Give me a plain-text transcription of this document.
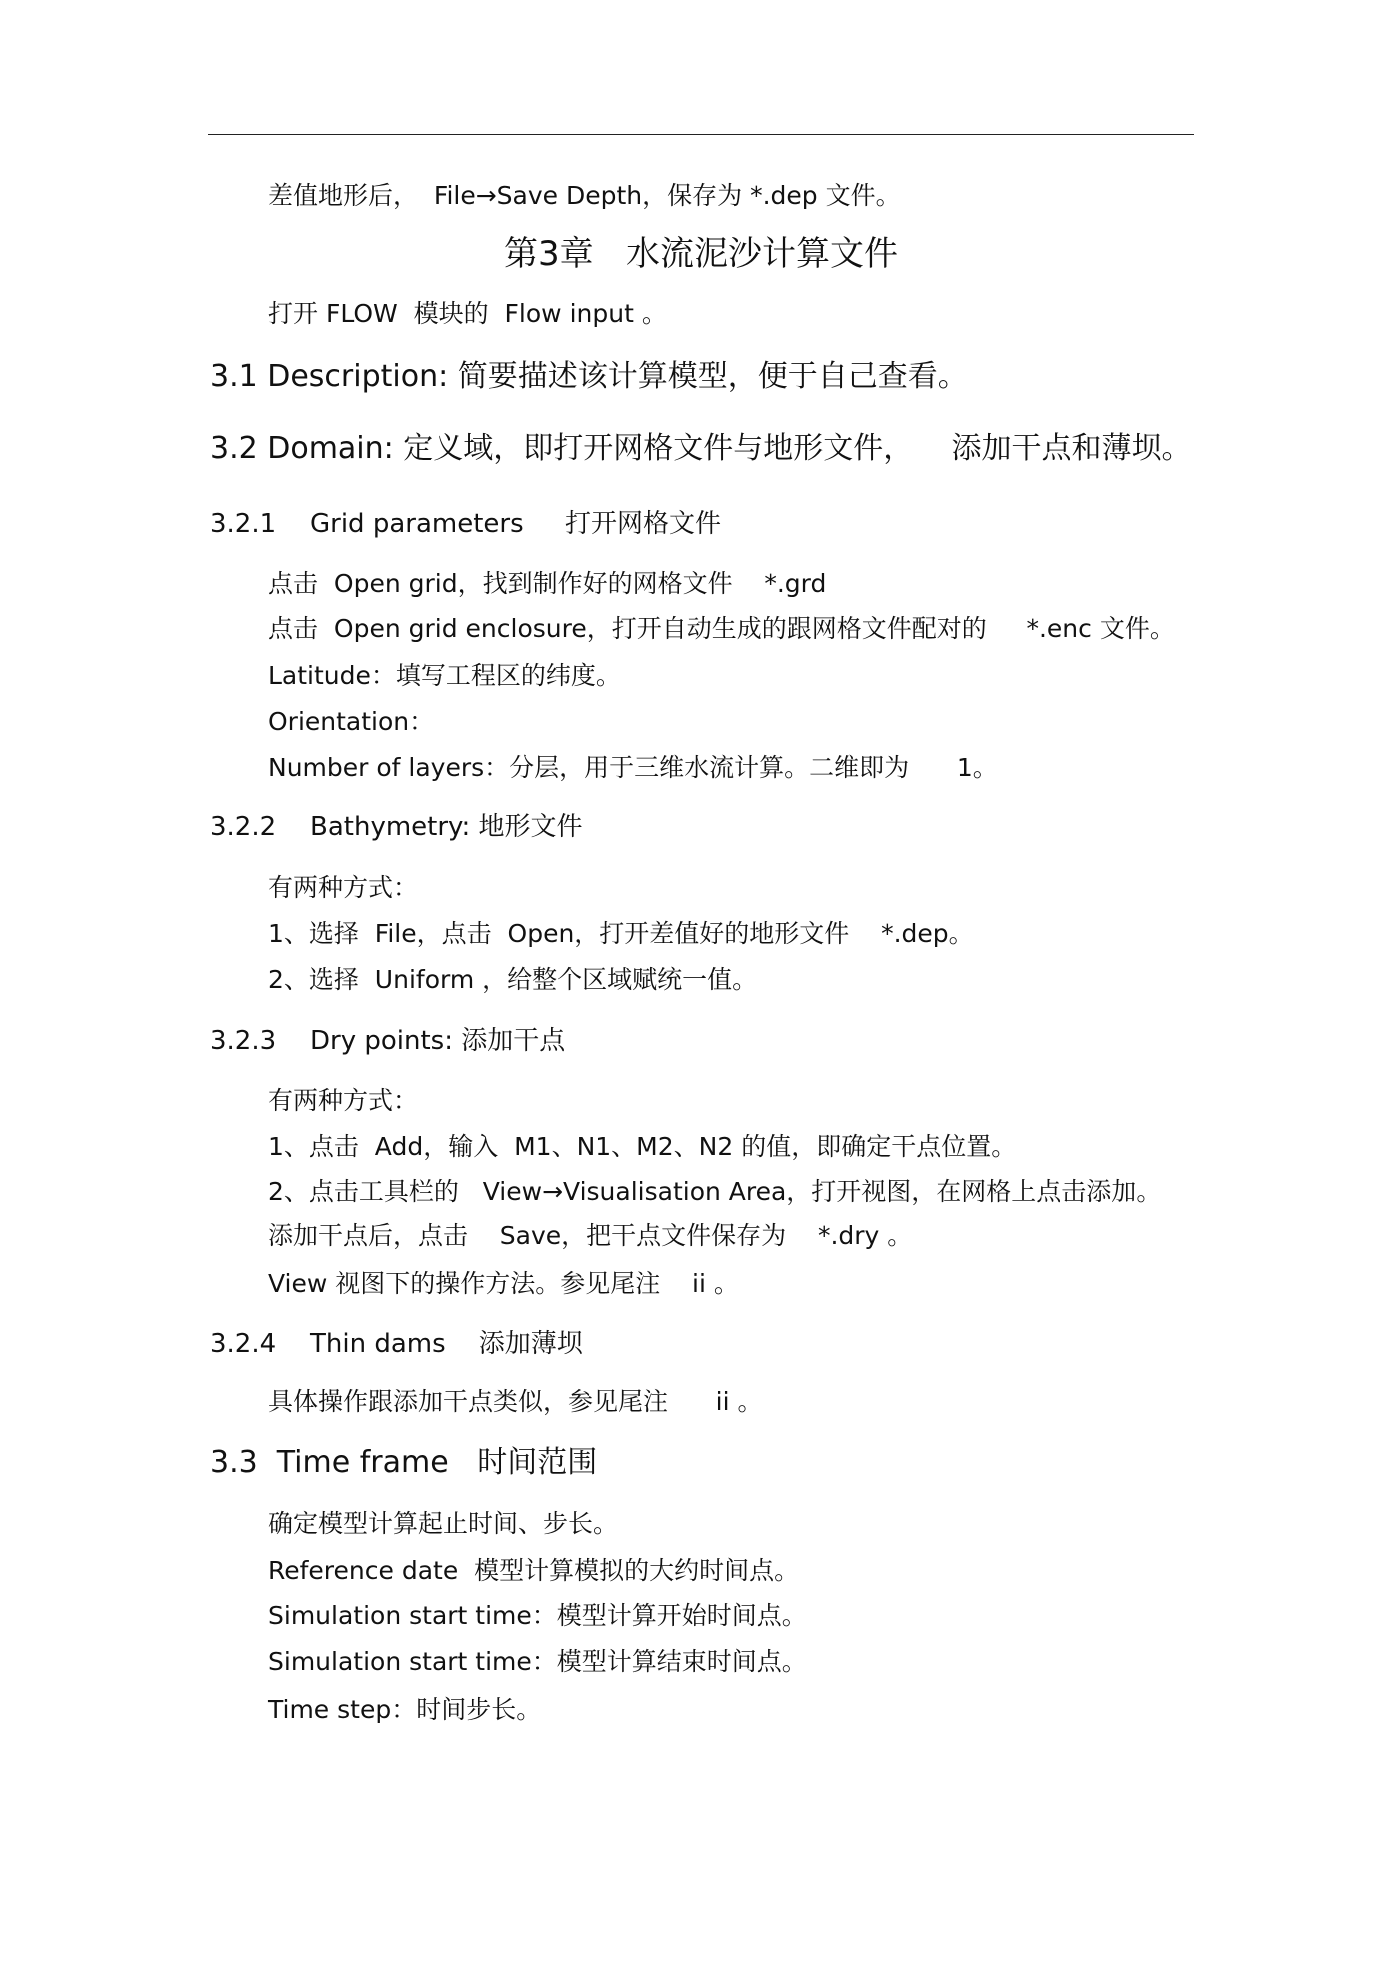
差值地形后，  File→Save Depth，保存为 *.dep 文件。
第3章   水流泥沙计算文件
打开 FLOW  模块的  Flow input 。
3.1 Description: 简要描述该计算模型，便于自己查看。
3.2 Domain: 定义域，即打开网格文件与地形文件，    添加干点和薄坝。
3.2.1 Grid parameters     打开网格文件
点击  Open grid，找到制作好的网格文件    *.grd
点击  Open grid enclosure，打开自动生成的跟网格文件配对的     *.enc 文件。
Latitude：填写工程区的纬度。
Orientation：
Number of layers：分层，用于三维水流计算。二维即为      1。
3.2.2 Bathymetry: 地形文件
有两种方式：
1、选择  File，点击  Open，打开差值好的地形文件    *.dep。
2、选择  Uniform ，给整个区域赋统一值。
3.2.3 Dry points: 添加干点
有两种方式：
1、点击  Add，输入  M1、N1、M2、N2 的值，即确定干点位置。
2、点击工具栏的   View→Visualisation Area，打开视图，在网格上点击添加。
添加干点后，点击    Save，把干点文件保存为    *.dry 。
View 视图下的操作方法。参见尾注    ii 。
3.2.4 Thin dams    添加薄坝
具体操作跟添加干点类似，参见尾注      ii 。
3.3  Time frame   时间范围
确定模型计算起止时间、步长。
Reference date  模型计算模拟的大约时间点。
Simulation start time：模型计算开始时间点。
Simulation start time：模型计算结束时间点。
Time step：时间步长。
